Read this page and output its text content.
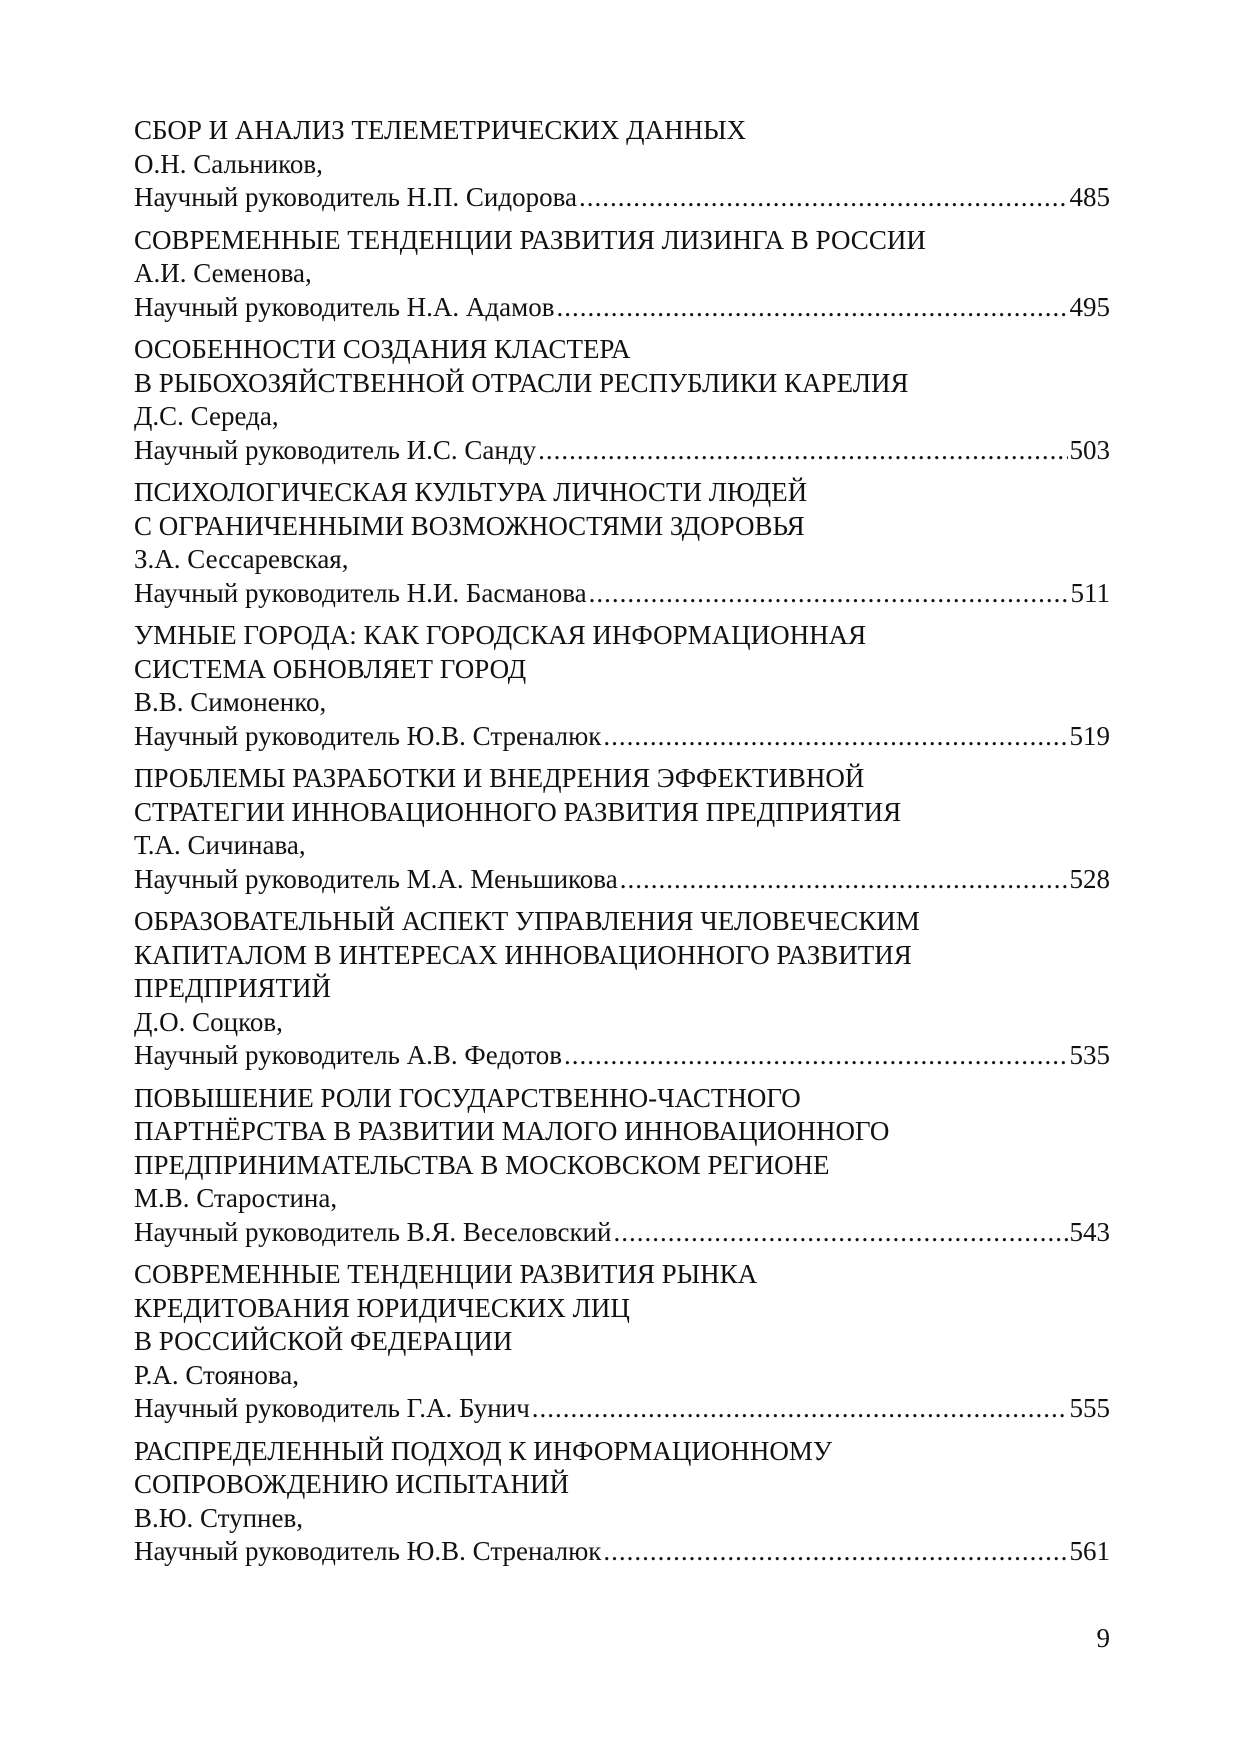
СБОР И АНАЛИЗ ТЕЛЕМЕТРИЧЕСКИХ ДАННЫХ
О.Н. Сальников,
Научный руководитель Н.П. Сидорова .....	485
СОВРЕМЕННЫЕ ТЕНДЕНЦИИ РАЗВИТИЯ ЛИЗИНГА В РОССИИ
А.И. Семенова,
Научный руководитель Н.А. Адамов .....	495
ОСОБЕННОСТИ СОЗДАНИЯ КЛАСТЕРА
В РЫБОХОЗЯЙСТВЕННОЙ ОТРАСЛИ РЕСПУБЛИКИ КАРЕЛИЯ
Д.С. Середа,
Научный руководитель И.С. Санду .....	503
ПСИХОЛОГИЧЕСКАЯ КУЛЬТУРА ЛИЧНОСТИ ЛЮДЕЙ
С ОГРАНИЧЕННЫМИ ВОЗМОЖНОСТЯМИ ЗДОРОВЬЯ
З.А. Сессаревская,
Научный руководитель Н.И. Басманова .....	511
УМНЫЕ ГОРОДА: КАК ГОРОДСКАЯ ИНФОРМАЦИОННАЯ
СИСТЕМА ОБНОВЛЯЕТ ГОРОД
В.В. Симоненко,
Научный руководитель Ю.В. Стреналюк .....	519
ПРОБЛЕМЫ РАЗРАБОТКИ И ВНЕДРЕНИЯ ЭФФЕКТИВНОЙ
СТРАТЕГИИ ИННОВАЦИОННОГО РАЗВИТИЯ ПРЕДПРИЯТИЯ
Т.А. Сичинава,
Научный руководитель М.А. Меньшикова .....	528
ОБРАЗОВАТЕЛЬНЫЙ АСПЕКТ УПРАВЛЕНИЯ ЧЕЛОВЕЧЕСКИМ
КАПИТАЛОМ В ИНТЕРЕСАХ ИННОВАЦИОННОГО РАЗВИТИЯ
ПРЕДПРИЯТИЙ
Д.О. Соцков,
Научный руководитель А.В. Федотов .....	535
ПОВЫШЕНИЕ РОЛИ ГОСУДАРСТВЕННО-ЧАСТНОГО
ПАРТНЁРСТВА В РАЗВИТИИ МАЛОГО ИННОВАЦИОННОГО
ПРЕДПРИНИМАТЕЛЬСТВА В МОСКОВСКОМ РЕГИОНЕ
М.В. Старостина,
Научный руководитель В.Я. Веселовский .....	543
СОВРЕМЕННЫЕ ТЕНДЕНЦИИ РАЗВИТИЯ РЫНКА
КРЕДИТОВАНИЯ ЮРИДИЧЕСКИХ ЛИЦ
В РОССИЙСКОЙ ФЕДЕРАЦИИ
Р.А. Стоянова,
Научный руководитель Г.А. Бунич .....	555
РАСПРЕДЕЛЕННЫЙ ПОДХОД К ИНФОРМАЦИОННОМУ
СОПРОВОЖДЕНИЮ ИСПЫТАНИЙ
В.Ю. Ступнев,
Научный руководитель Ю.В. Стреналюк .....	561
9
